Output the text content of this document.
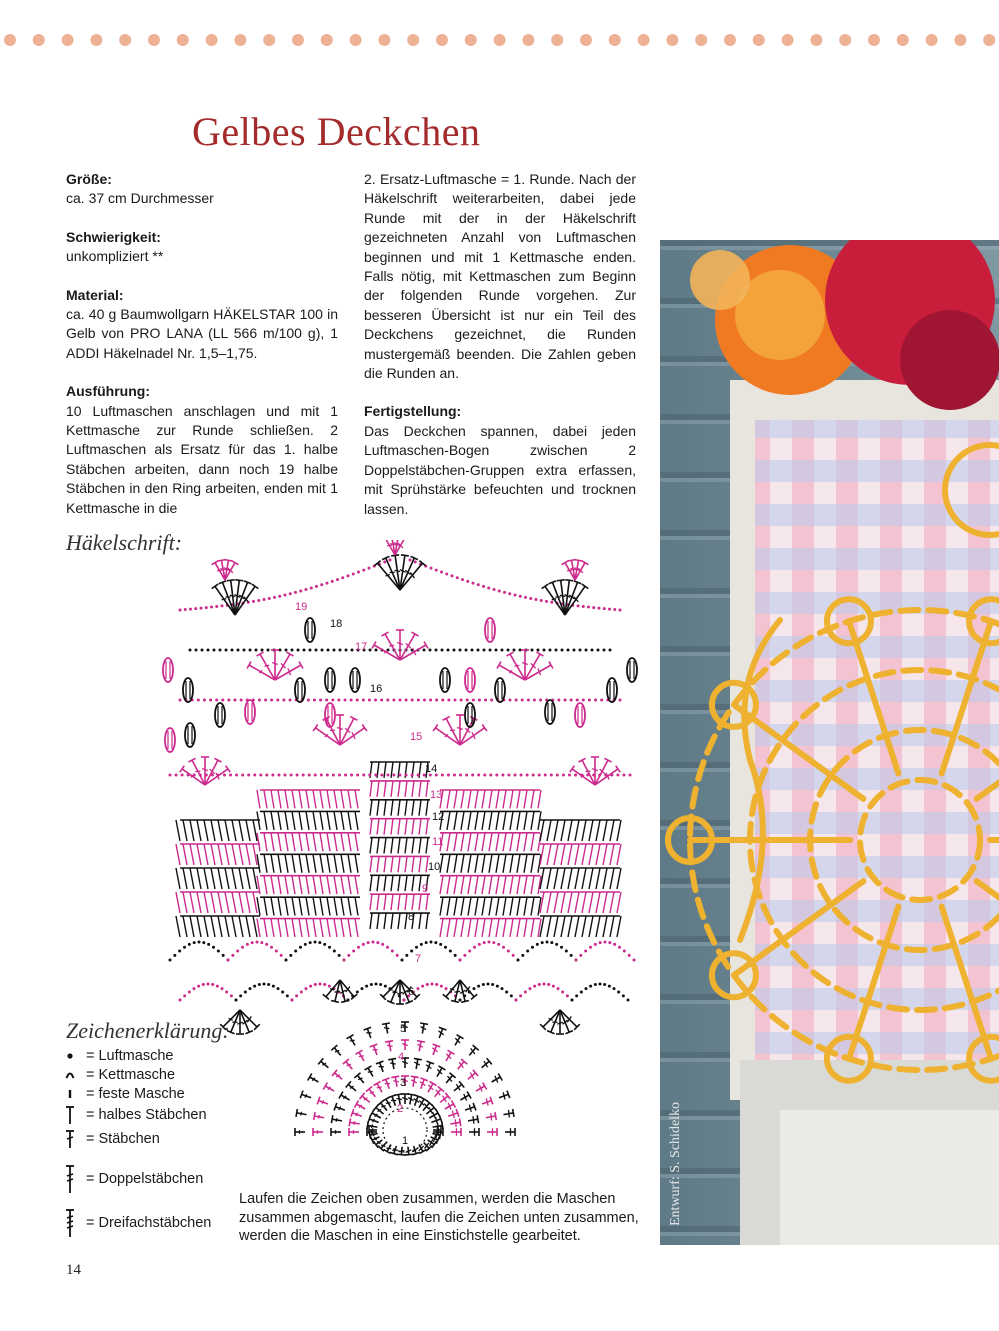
Gelbes Deckchen
Größe:

ca. 37 cm Durchmesser

Schwierigkeit:

unkompliziert **

Material:

ca. 40 g Baumwollgarn HÄKELSTAR 100 in Gelb von PRO LANA (LL 566 m/100 g), 1 ADDI Häkelnadel Nr. 1,5–1,75.

Ausführung:

10 Luftmaschen anschlagen und mit 1 Kettmasche zur Runde schließen. 2 Luftmaschen als Ersatz für das 1. halbe Stäbchen arbeiten, dann noch 19 halbe Stäbchen in den Ring arbeiten, enden mit 1 Kettmasche in die

2. Ersatz-Luftmasche = 1. Runde. Nach der Häkelschrift weiterarbeiten, dabei jede Runde mit der in der Häkelschrift gezeichneten Anzahl von Luftmaschen beginnen und mit 1 Kettmasche enden. Falls nötig, mit Kettmaschen zum Beginn der folgenden Runde vorgehen. Zur besseren Übersicht ist nur ein Teil des Deckchens gezeichnet, die Runden mustergemäß beenden. Die Zahlen geben die Runden an.

Fertigstellung:

Das Deckchen spannen, dabei jeden Luftmaschen-Bogen zwischen 2 Doppelstäbchen-Gruppen extra erfassen, mit Sprühstärke befeuchten und trocknen lassen.

Häkelschrift:
19
18
17
16
15
14
13
12
11
10
9
8
7
6
5
4
3
2
1
Zeichenerklärung:
= Luftmasche
= Kettmasche
= feste Masche
= halbes Stäbchen
= Stäbchen
= Doppelstäbchen
= Dreifachstäbchen
Laufen die Zeichen oben zusammen, werden die Maschen zusammen abgemascht, laufen die Zeichen unten zusammen, werden die Maschen in eine Einstichstelle gearbeitet.
14
Entwurf: S. Schidelko
